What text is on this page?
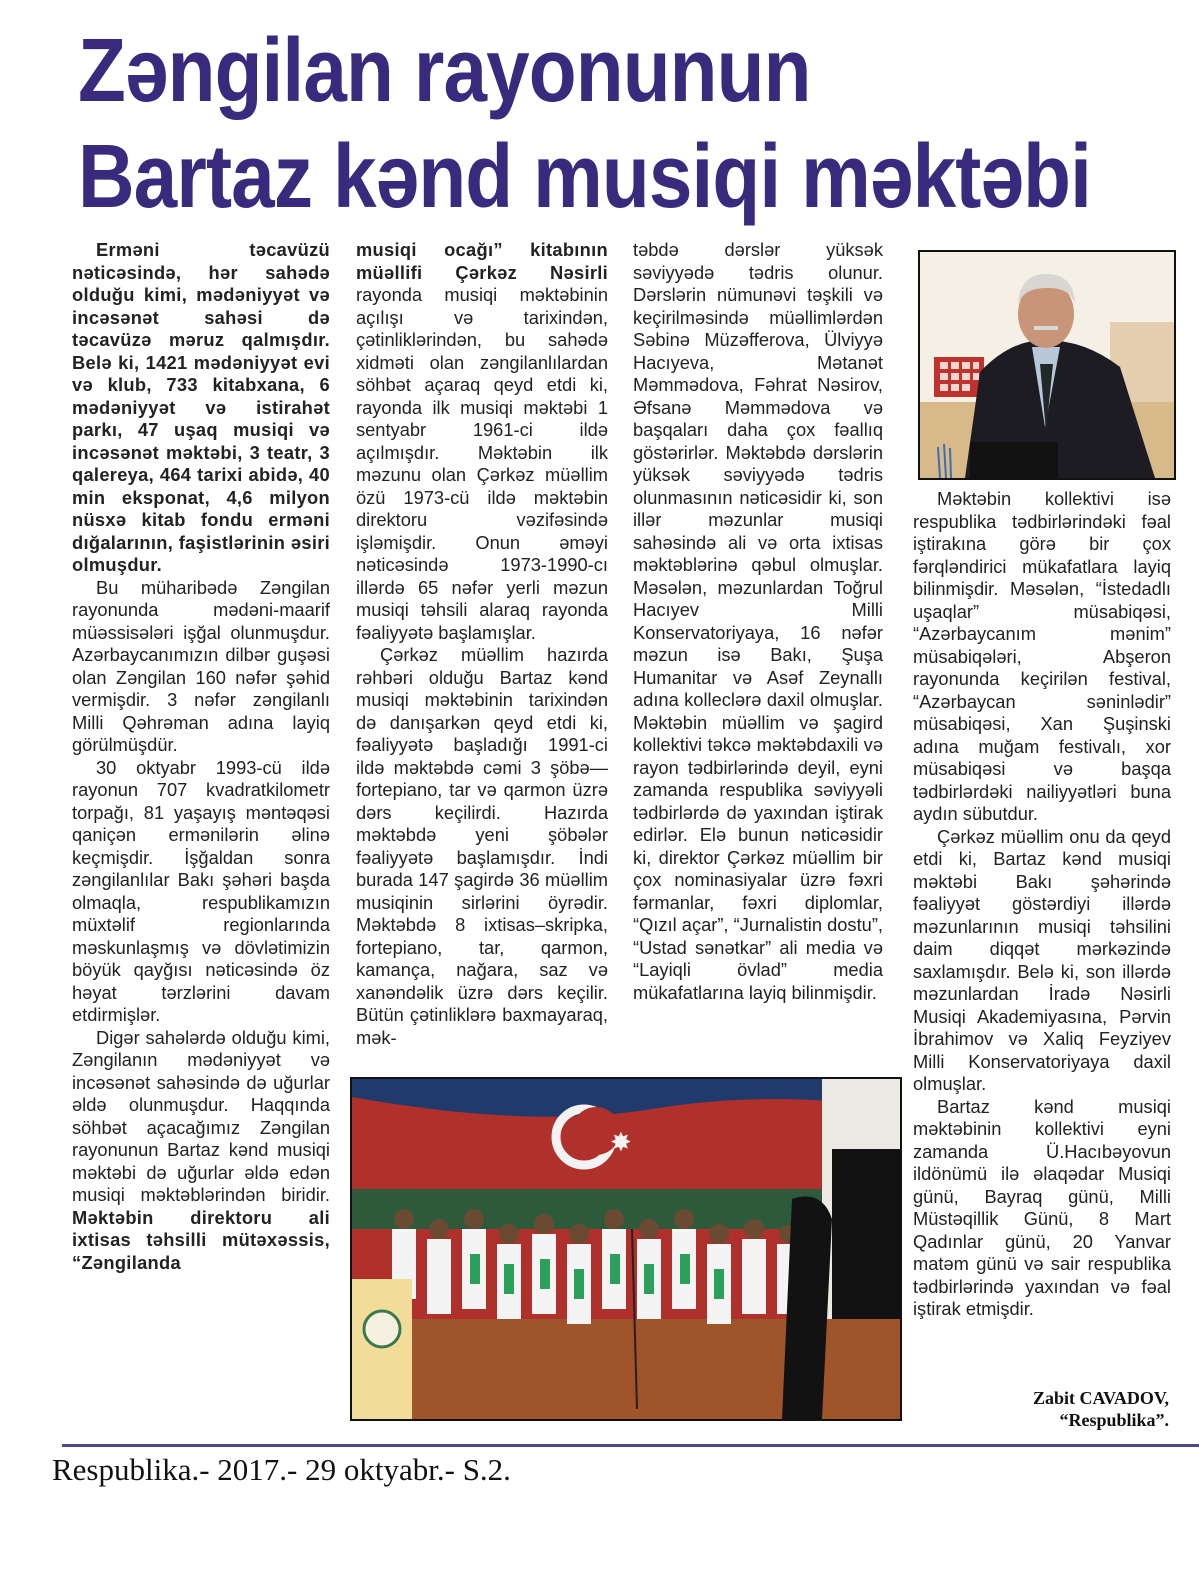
Zəngilan rayonunun
Bartaz kənd musiqi məktəbi

Erməni təcavüzü nəticəsində, hər sahədə olduğu kimi, mədəniyyət və incəsənət sahəsi də təcavüzə məruz qalmışdır. Belə ki, 1421 mədəniyyət evi və klub, 733 kitabxana, 6 mədəniyyət və istirahət parkı, 47 uşaq musiqi və incəsənət məktəbi, 3 teatr, 3 qalereya, 464 tarixi abidə, 40 min eksponat, 4,6 milyon nüsxə kitab fondu erməni dığalarının, faşistlərinin əsiri olmuşdur.

Bu müharibədə Zəngilan rayonunda mədəni-maarif müəssisələri işğal olunmuşdur. Azərbaycanımızın dilbər guşəsi olan Zəngilan 160 nəfər şəhid vermişdir. 3 nəfər zəngilanlı Milli Qəhrəman adına layiq görülmüşdür.

30 oktyabr 1993-cü ildə rayonun 707 kvadratkilometr torpağı, 81 yaşayış məntəqəsi qaniçən ermənilərin əlinə keçmişdir. İşğaldan sonra zəngilanlılar Bakı şəhəri başda olmaqla, respublikamızın müxtəlif regionlarında məskunlaşmış və dövlətimizin böyük qayğısı nəticəsində öz həyat tərzlərini davam etdirmişlər.

Digər sahələrdə olduğu kimi, Zəngilanın mədəniyyət və incəsənət sahəsində də uğurlar əldə olunmuşdur. Haqqında söhbət açacağımız Zəngilan rayonunun Bartaz kənd musiqi məktəbi də uğurlar əldə edən musiqi məktəblərindən biridir. Məktəbin direktoru ali ixtisas təhsilli mütəxəssis, “Zəngilanda

musiqi ocağı” kitabının müəllifi Çərkəz Nəsirli rayonda musiqi məktəbinin açılışı və tarixindən, çətinliklərindən, bu sahədə xidməti olan zəngilanlılardan söhbət açaraq qeyd etdi ki, rayonda ilk musiqi məktəbi 1 sentyabr 1961-ci ildə açılmışdır. Məktəbin ilk məzunu olan Çərkəz müəllim özü 1973-cü ildə məktəbin direktoru vəzifəsində işləmişdir. Onun əməyi nəticəsində 1973-1990-cı illərdə 65 nəfər yerli məzun musiqi təhsili alaraq rayonda fəaliyyətə başlamışlar.

Çərkəz müəllim hazırda rəhbəri olduğu Bartaz kənd musiqi məktəbinin tarixindən də danışarkən qeyd etdi ki, fəaliyyətə başladığı 1991-ci ildə məktəbdə cəmi 3 şöbə—fortepiano, tar və qarmon üzrə dərs keçilirdi. Hazırda məktəbdə yeni şöbələr fəaliyyətə başlamışdır. İndi burada 147 şagirdə 36 müəllim musiqinin sirlərini öyrədir. Məktəbdə 8 ixtisas–skripka, fortepiano, tar, qarmon, kamança, nağara, saz və xanəndəlik üzrə dərs keçilir. Bütün çətinliklərə baxmayaraq, mək-

təbdə dərslər yüksək səviyyədə tədris olunur. Dərslərin nümunəvi təşkili və keçirilməsində müəllimlərdən Səbinə Müzəfferova, Ülviyyə Hacıyeva, Mətanət Məmmədova, Fəhrat Nəsirov, Əfsanə Məmmədova və başqaları daha çox fəallıq göstərirlər. Məktəbdə dərslərin yüksək səviyyədə tədris olunmasının nəticəsidir ki, son illər məzunlar musiqi sahəsində ali və orta ixtisas məktəblərinə qəbul olmuşlar. Məsələn, məzunlardan Toğrul Hacıyev Milli Konservatoriyaya, 16 nəfər məzun isə Bakı, Şuşa Humanitar və Asəf Zeynallı adına kolleclərə daxil olmuşlar. Məktəbin müəllim və şagird kollektivi təkcə məktəbdaxili və rayon tədbirlərində deyil, eyni zamanda respublika səviyyəli tədbirlərdə də yaxından iştirak edirlər. Elə bunun nəticəsidir ki, direktor Çərkəz müəllim bir çox nominasiyalar üzrə fəxri fərmanlar, fəxri diplomlar, “Qızıl açar”, “Jurnalistin dostu”, “Ustad sənətkar” ali media və “Layiqli övlad” media mükafatlarına layiq bilinmişdir.

✸

Məktəbin kollektivi isə respublika tədbirlərindəki fəal iştirakına görə bir çox fərqləndirici mükafatlara layiq bilinmişdir. Məsələn, “İstedadlı uşaqlar” müsabiqəsi, “Azərbaycanım mənim” müsabiqələri, Abşeron rayonunda keçirilən festival, “Azərbaycan səninlədir” müsabiqəsi, Xan Şuşinski adına muğam festivalı, xor müsabiqəsi və başqa tədbirlərdəki nailiyyətləri buna aydın sübutdur.

Çərkəz müəllim onu da qeyd etdi ki, Bartaz kənd musiqi məktəbi Bakı şəhərində fəaliyyət göstərdiyi illərdə məzunlarının musiqi təhsilini daim diqqət mərkəzində saxlamışdır. Belə ki, son illərdə məzunlardan İradə Nəsirli Musiqi Akademiyasına, Pərvin İbrahimov və Xaliq Feyziyev Milli Konservatoriyaya daxil olmuşlar.

Bartaz kənd musiqi məktəbinin kollektivi eyni zamanda Ü.Hacıbəyovun ildönümü ilə əlaqədar Musiqi günü, Bayraq günü, Milli Müstəqillik Günü, 8 Mart Qadınlar günü, 20 Yanvar matəm günü və sair respublika tədbirlərində yaxından və fəal iştirak etmişdir.

Zabit CAVADOV,
“Respublika”.
Respublika.- 2017.- 29 oktyabr.- S.2.
